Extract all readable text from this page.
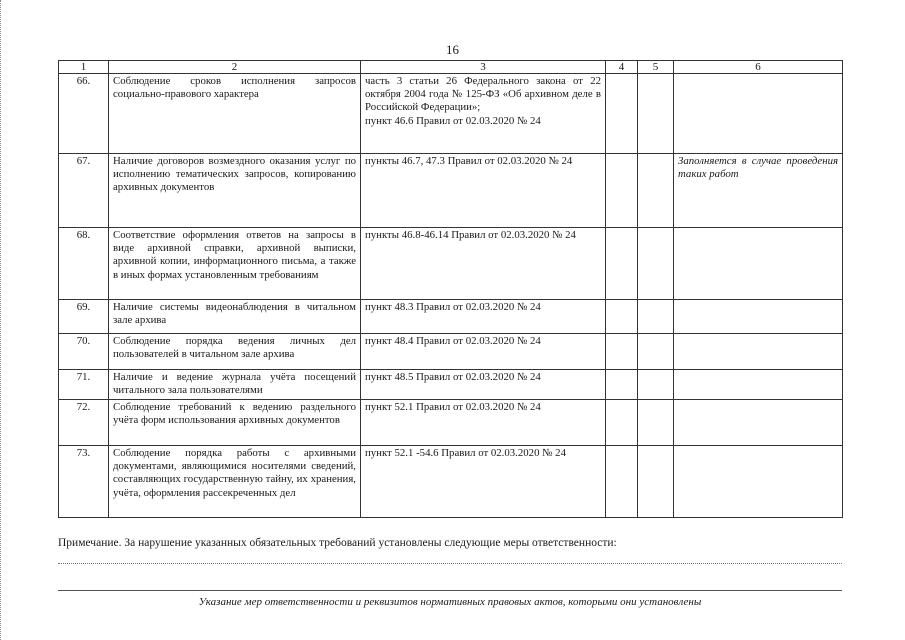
16
1	2	3	4	5	6
66.	Соблюдение сроков исполнения запросов социально-правового характера	часть 3 статьи 26 Федерального закона от 22 октября 2004 года № 125-ФЗ «Об архивном деле в Российской Федерации»;
пункт 46.6 Правил от 02.03.2020 № 24			
67.	Наличие договоров возмездного оказания услуг по исполнению тематических запросов, копированию архивных документов	пункты 46.7, 47.3 Правил от 02.03.2020 № 24			Заполняется в случае проведения таких работ
68.	Соответствие оформления ответов на запросы в виде архивной справки, архивной выписки, архивной копии, информационного письма, а также в иных формах установленным требованиям	пункты 46.8-46.14 Правил от 02.03.2020 № 24			
69.	Наличие системы видеонаблюдения в читальном зале архива	пункт 48.3 Правил от 02.03.2020 № 24			
70.	Соблюдение порядка ведения личных дел пользователей в читальном зале архива	пункт 48.4 Правил от 02.03.2020 № 24			
71.	Наличие и ведение журнала учёта посещений читального зала пользователями	пункт 48.5 Правил от 02.03.2020 № 24			
72.	Соблюдение требований к ведению раздельного учёта форм использования архивных документов	пункт 52.1 Правил от 02.03.2020 № 24			
73.	Соблюдение порядка работы с архивными документами, являющимися носителями сведений, составляющих государственную тайну, их хранения, учёта, оформления рассекреченных дел	пункт 52.1 -54.6 Правил от 02.03.2020 № 24			
Примечание. За нарушение указанных обязательных требований установлены следующие меры ответственности:
Указание мер ответственности и реквизитов нормативных правовых актов, которыми они установлены
